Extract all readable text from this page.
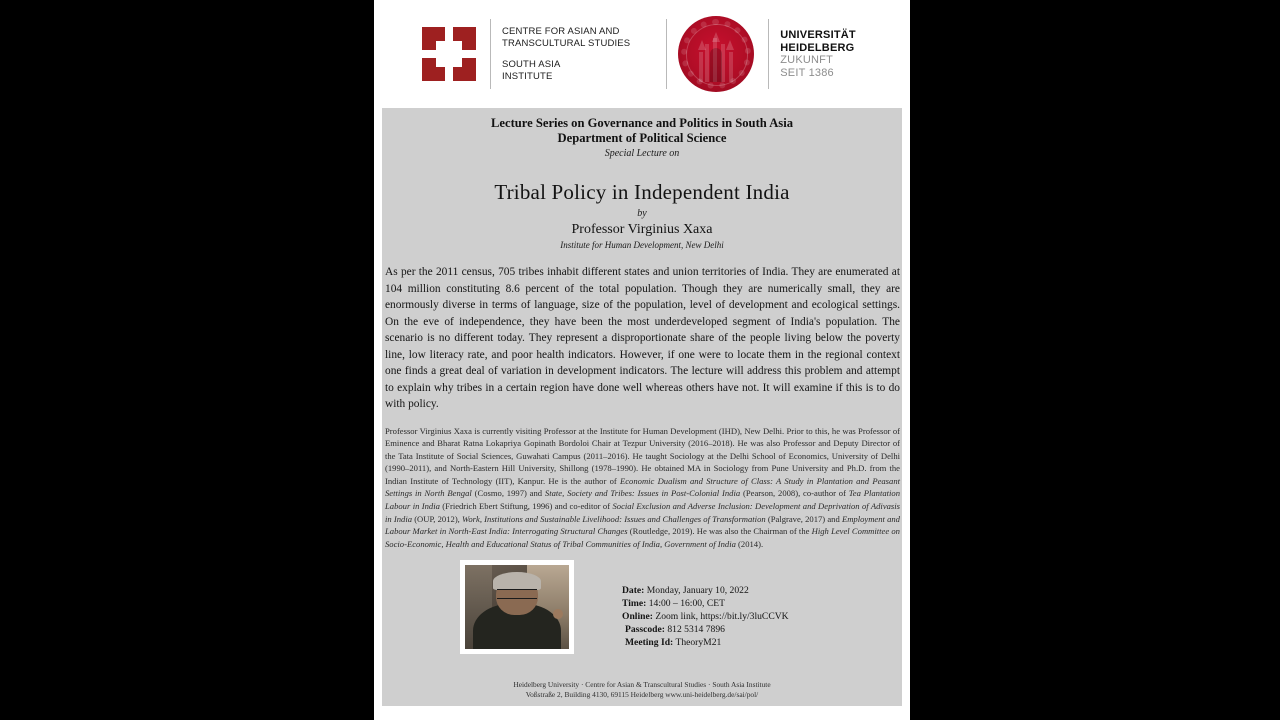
CENTRE FOR ASIAN AND
TRANSCULTURAL STUDIES
SOUTH ASIA
INSTITUTE
UNIVERSITÄT
HEIDELBERG
ZUKUNFT
SEIT 1386
Lecture Series on Governance and Politics in South Asia
Department of Political Science
Special Lecture on
Tribal Policy in Independent India
by
Professor Virginius Xaxa
Institute for Human Development, New Delhi
As per the 2011 census, 705 tribes inhabit different states and union territories of India. They are enumerated at 104 million constituting 8.6 percent of the total population. Though they are numerically small, they are enormously diverse in terms of language, size of the population, level of development and ecological settings. On the eve of independence, they have been the most underdeveloped segment of India's population. The scenario is no different today. They represent a disproportionate share of the people living below the poverty line, low literacy rate, and poor health indicators. However, if one were to locate them in the regional context one finds a great deal of variation in development indicators. The lecture will address this problem and attempt to explain why tribes in a certain region have done well whereas others have not. It will examine if this is to do with policy.
Professor Virginius Xaxa is currently visiting Professor at the Institute for Human Development (IHD), New Delhi. Prior to this, he was Professor of Eminence and Bharat Ratna Lokapriya Gopinath Bordoloi Chair at Tezpur University (2016–2018). He was also Professor and Deputy Director of the Tata Institute of Social Sciences, Guwahati Campus (2011–2016). He taught Sociology at the Delhi School of Economics, University of Delhi (1990–2011), and North-Eastern Hill University, Shillong (1978–1990). He obtained MA in Sociology from Pune University and Ph.D. from the Indian Institute of Technology (IIT), Kanpur. He is the author of Economic Dualism and Structure of Class: A Study in Plantation and Peasant Settings in North Bengal (Cosmo, 1997) and State, Society and Tribes: Issues in Post-Colonial India (Pearson, 2008), co-author of Tea Plantation Labour in India (Friedrich Ebert Stiftung, 1996) and co-editor of Social Exclusion and Adverse Inclusion: Development and Deprivation of Adivasis in India (OUP, 2012), Work, Institutions and Sustainable Livelihood: Issues and Challenges of Transformation (Palgrave, 2017) and Employment and Labour Market in North-East India: Interrogating Structural Changes (Routledge, 2019). He was also the Chairman of the High Level Committee on Socio-Economic, Health and Educational Status of Tribal Communities of India, Government of India (2014).
Date: Monday, January 10, 2022
Time: 14:00 – 16:00, CET
Online: Zoom link, https://bit.ly/3luCCVK
Passcode: 812 5314 7896
Meeting Id: TheoryM21
Heidelberg University · Centre for Asian & Transcultural Studies · South Asia Institute
Voßstraße 2, Building 4130, 69115 Heidelberg www.uni-heidelberg.de/sai/pol/
